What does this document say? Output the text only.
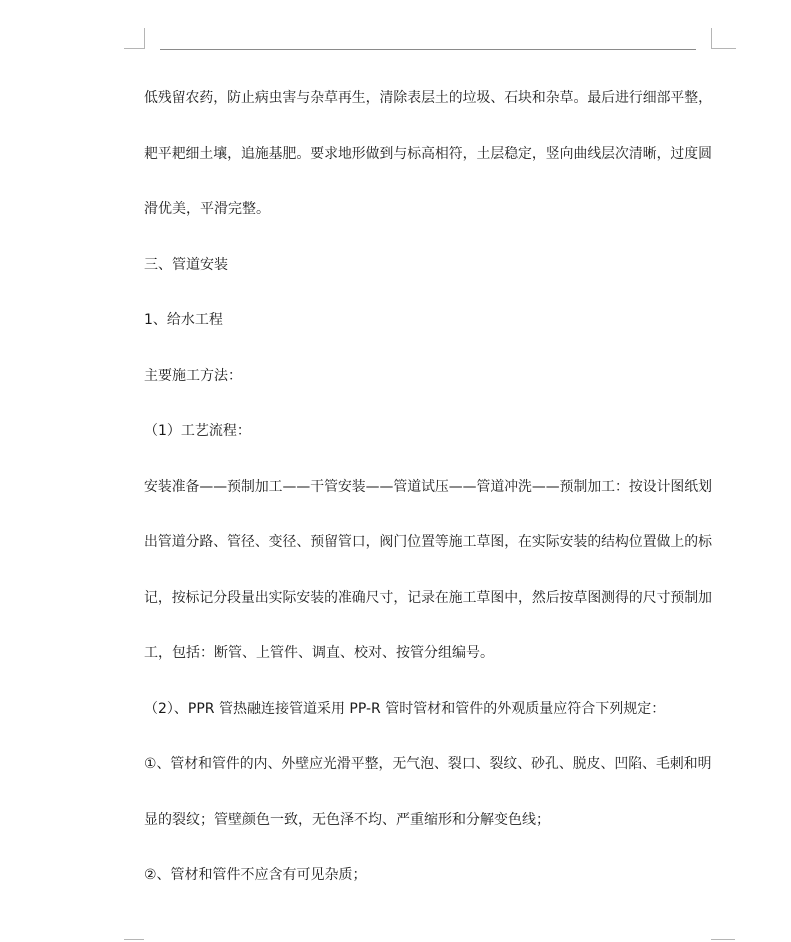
低残留农药，防止病虫害与杂草再生，清除表层土的垃圾、石块和杂草。最后进行细部平整，
耙平耙细土壤，追施基肥。要求地形做到与标高相符，土层稳定，竖向曲线层次清晰，过度圆
滑优美，平滑完整。
三、管道安装
1、给水工程
主要施工方法：
（1）工艺流程：
安装准备——预制加工——干管安装——管道试压——管道冲洗——预制加工：按设计图纸划
出管道分路、管径、变径、预留管口，阀门位置等施工草图，在实际安装的结构位置做上的标
记，按标记分段量出实际安装的准确尺寸，记录在施工草图中，然后按草图测得的尺寸预制加
工，包括：断管、上管件、调直、校对、按管分组编号。
（2）、PPR 管热融连接管道采用 PP-R 管时管材和管件的外观质量应符合下列规定：
①、管材和管件的内、外壁应光滑平整，无气泡、裂口、裂纹、砂孔、脱皮、凹陷、毛刺和明
显的裂纹；管壁颜色一致，无色泽不均、严重缩形和分解变色线；
②、管材和管件不应含有可见杂质；
